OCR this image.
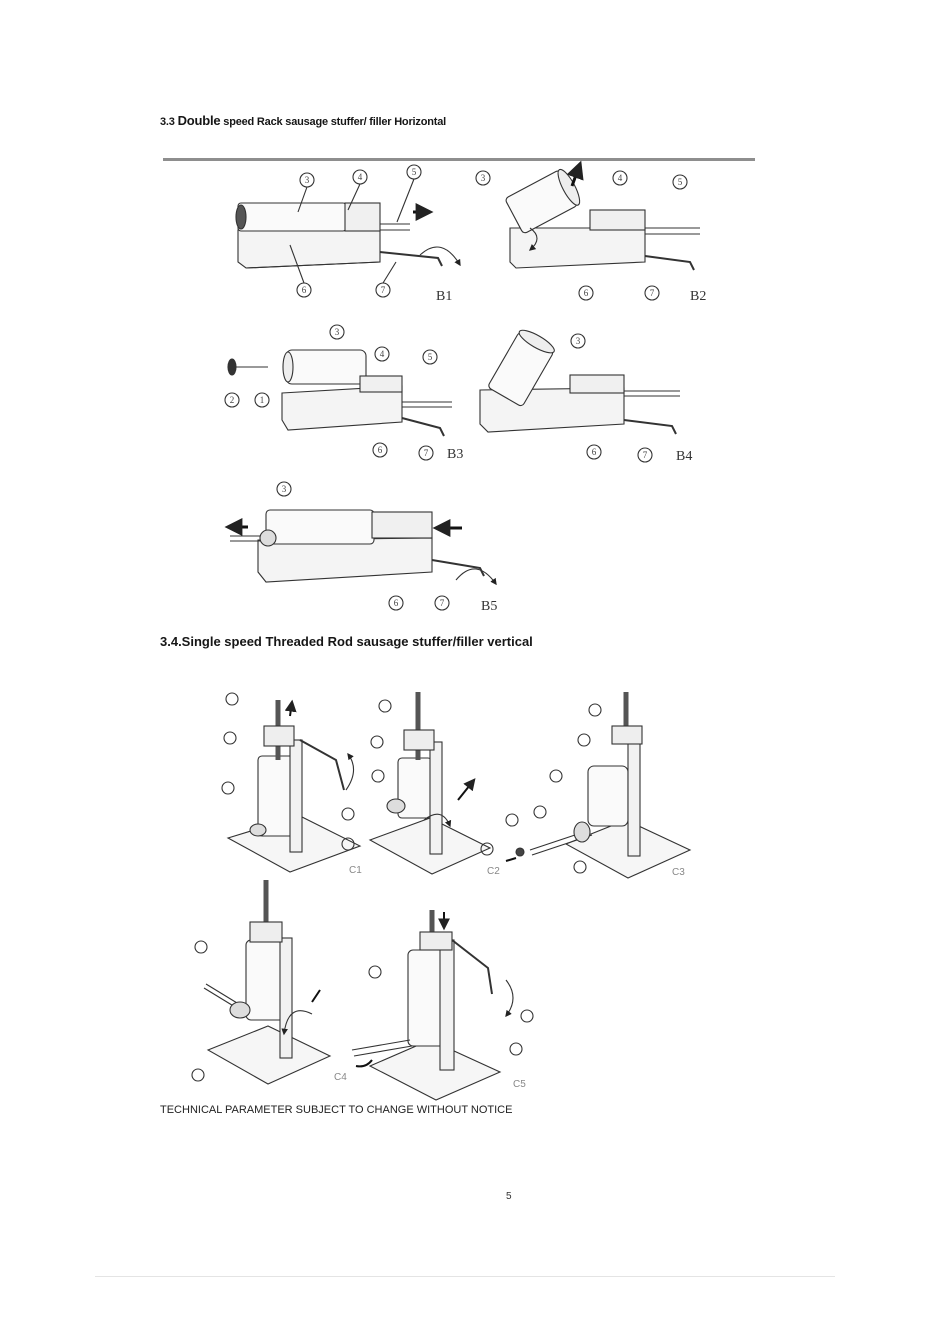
3.3 Double speed Rack sausage stuffer/ filler Horizontal
3	4	5
6	7
3	4	5
6	7
3
4	5
2	1
6	7
3
6	7
3
6	7
B1	B2
B3	B4
B5
C1	C2	C3
C4
C5
3.4.Single speed Threaded Rod sausage stuffer/filler vertical
TECHNICAL PARAMETER SUBJECT TO CHANGE WITHOUT NOTICE
5
